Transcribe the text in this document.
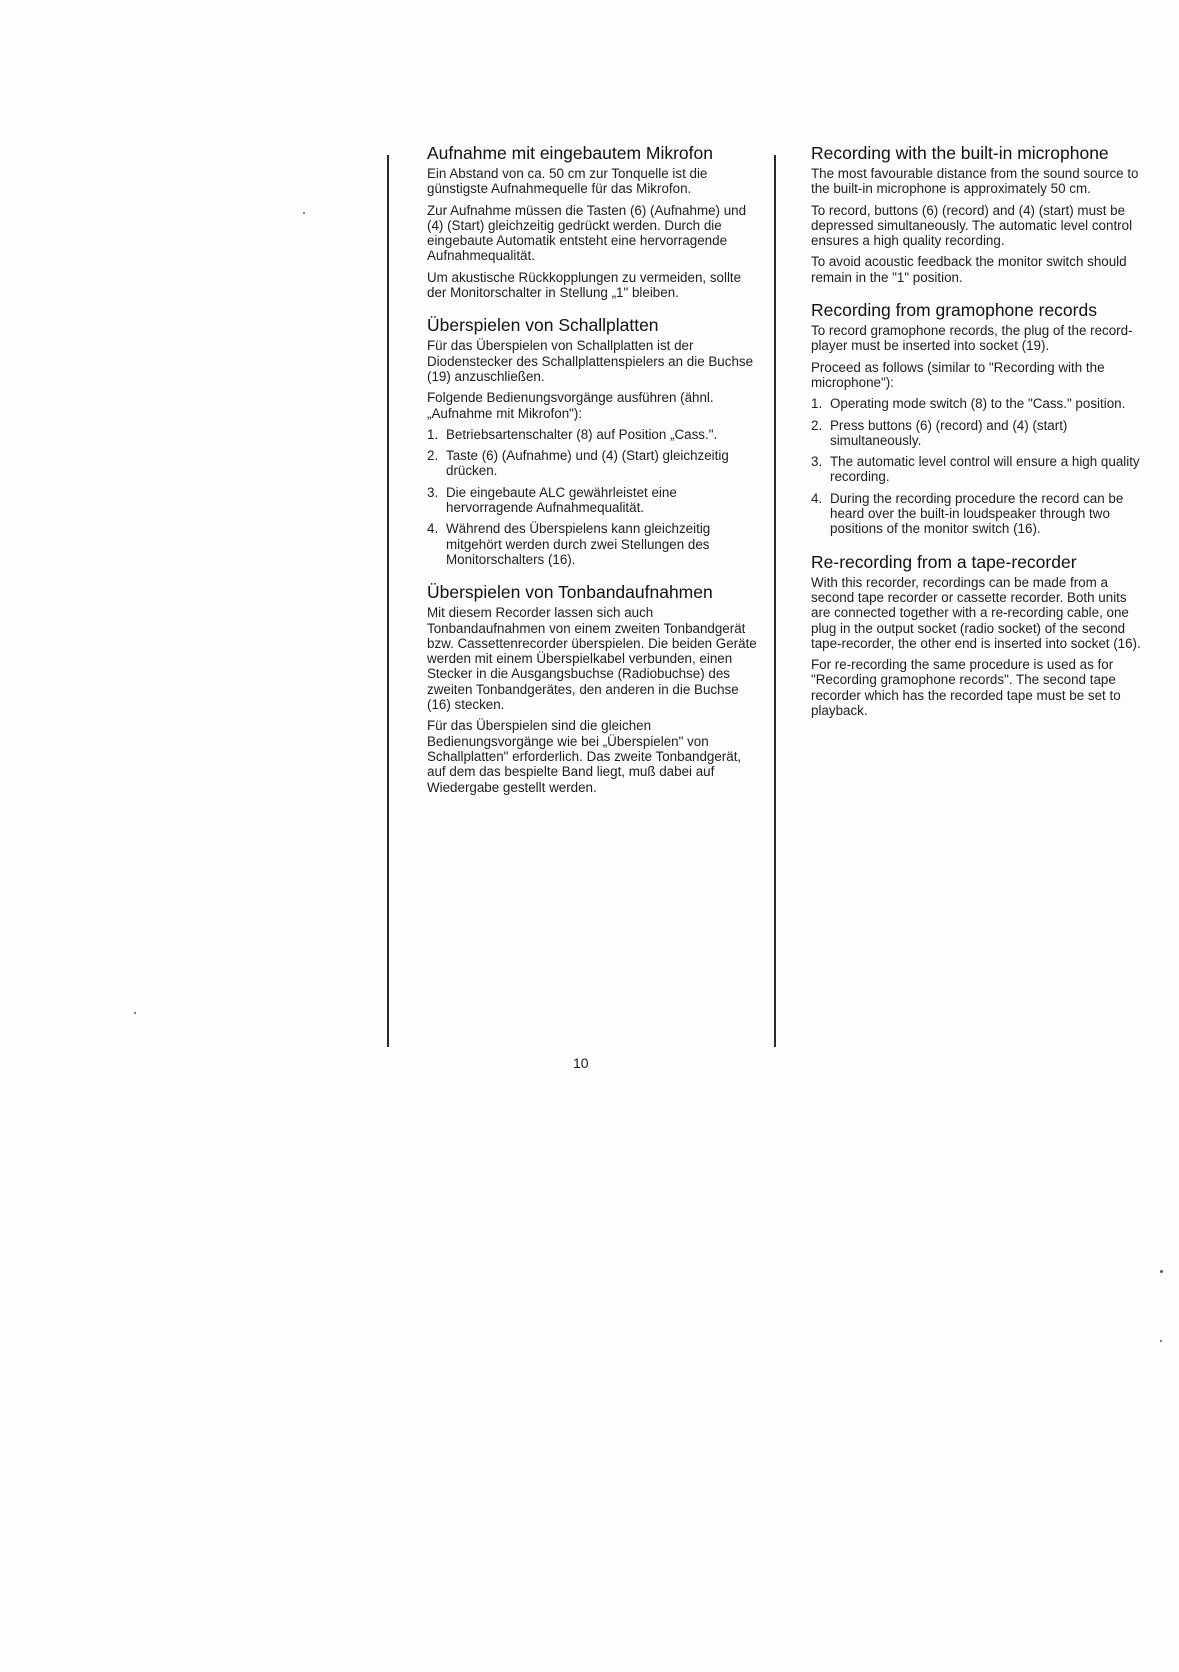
Aufnahme mit eingebautem Mikrofon

Ein Abstand von ca. 50 cm zur Tonquelle ist die günstigste Aufnahmequelle für das Mikrofon.

Zur Aufnahme müssen die Tasten (6) (Aufnahme) und (4) (Start) gleichzeitig gedrückt werden. Durch die eingebaute Automatik entsteht eine hervorragende Aufnahmequalität.

Um akustische Rückkopplungen zu vermeiden, sollte der Monitorschalter in Stellung „1" bleiben.

Überspielen von Schallplatten

Für das Überspielen von Schallplatten ist der Diodenstecker des Schallplattenspielers an die Buchse (19) anzuschließen.

Folgende Bedienungsvorgänge ausführen (ähnl. „Aufnahme mit Mikrofon"):

1. Betriebsartenschalter (8) auf Position „Cass.".
2. Taste (6) (Aufnahme) und (4) (Start) gleichzeitig drücken.
3. Die eingebaute ALC gewährleistet eine hervorragende Aufnahmequalität.
4. Während des Überspielens kann gleichzeitig mitgehört werden durch zwei Stellungen des Monitorschalters (16).
Überspielen von Tonbandaufnahmen

Mit diesem Recorder lassen sich auch Tonbandaufnahmen von einem zweiten Tonbandgerät bzw. Cassettenrecorder überspielen. Die beiden Geräte werden mit einem Überspielkabel verbunden, einen Stecker in die Ausgangsbuchse (Radiobuchse) des zweiten Tonbandgerätes, den anderen in die Buchse (16) stecken.

Für das Überspielen sind die gleichen Bedienungsvorgänge wie bei „Überspielen" von Schallplatten" erforderlich. Das zweite Tonbandgerät, auf dem das bespielte Band liegt, muß dabei auf Wiedergabe gestellt werden.

Recording with the built-in microphone

The most favourable distance from the sound source to the built-in microphone is approximately 50 cm.

To record, buttons (6) (record) and (4) (start) must be depressed simultaneously. The automatic level control ensures a high quality recording.

To avoid acoustic feedback the monitor switch should remain in the "1" position.

Recording from gramophone records

To record gramophone records, the plug of the record-player must be inserted into socket (19).

Proceed as follows (similar to "Recording with the microphone"):

1. Operating mode switch (8) to the "Cass." position.
2. Press buttons (6) (record) and (4) (start) simultaneously.
3. The automatic level control will ensure a high quality recording.
4. During the recording procedure the record can be heard over the built-in loudspeaker through two positions of the monitor switch (16).
Re-recording from a tape-recorder

With this recorder, recordings can be made from a second tape recorder or cassette recorder. Both units are connected together with a re-recording cable, one plug in the output socket (radio socket) of the second tape-recorder, the other end is inserted into socket (16).

For re-recording the same procedure is used as for "Recording gramophone records". The second tape recorder which has the recorded tape must be set to playback.

10
